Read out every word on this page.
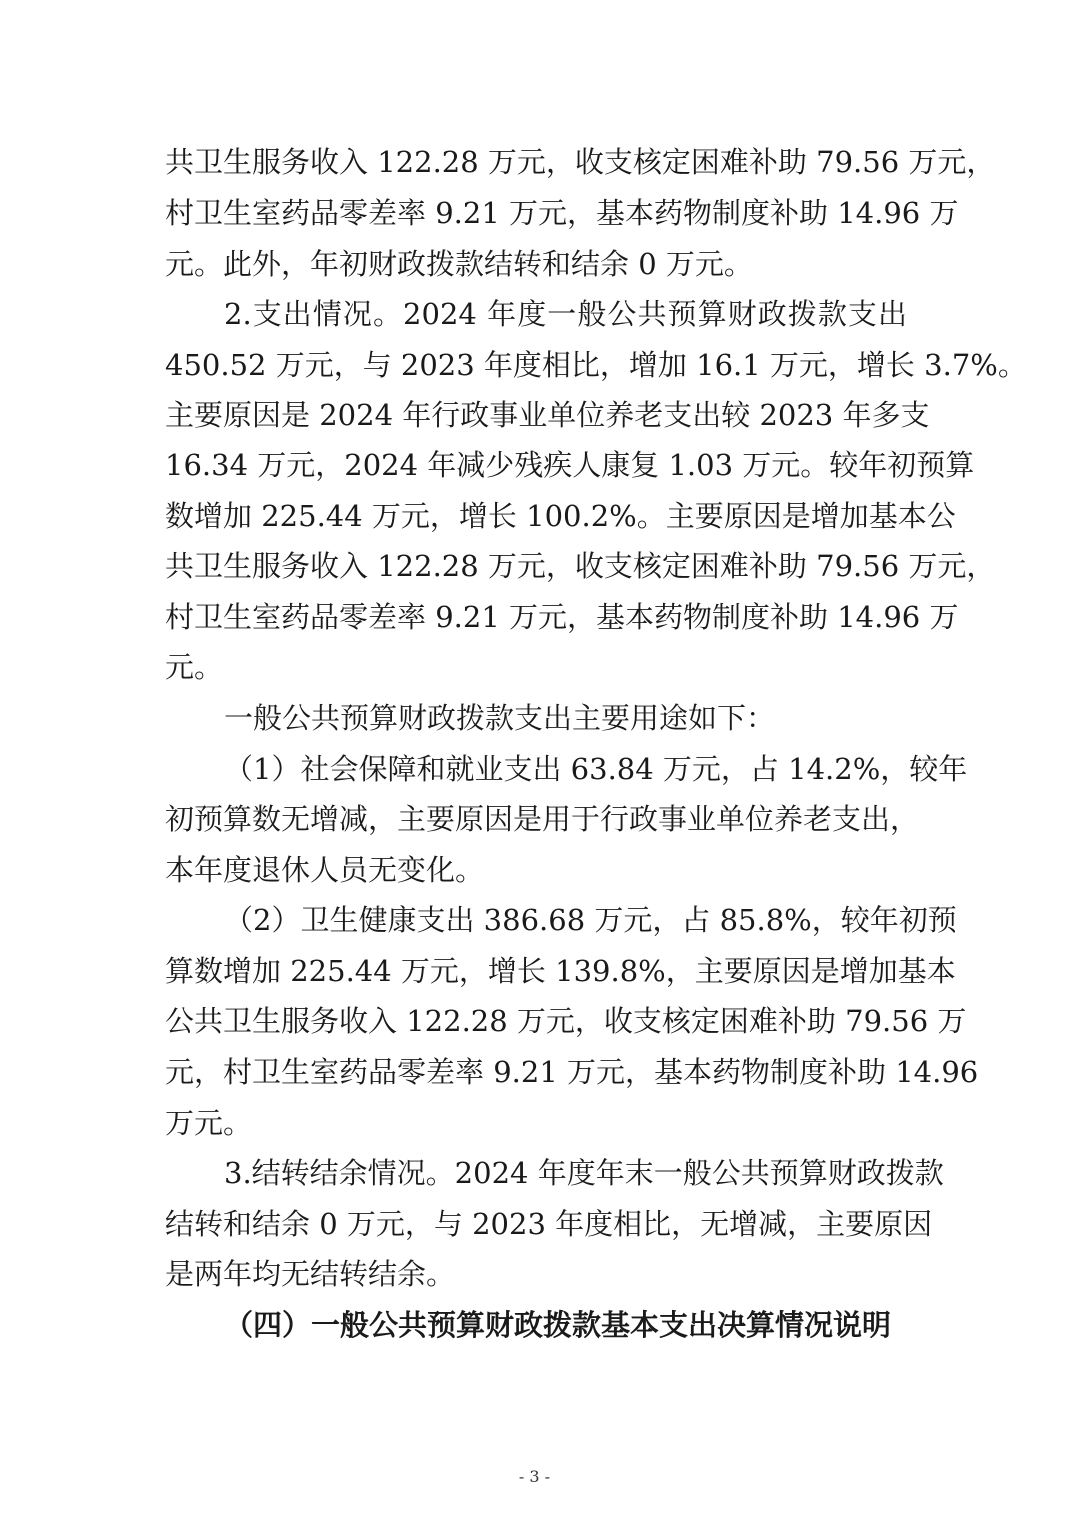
共卫生服务收入 122.28 万元，收支核定困难补助 79.56 万元，
村卫生室药品零差率 9.21 万元，基本药物制度补助 14.96 万
元。此外，年初财政拨款结转和结余 0 万元。
2.支出情况。2024 年度一般公共预算财政拨款支出
450.52 万元，与 2023 年度相比，增加 16.1 万元，增长 3.7%。
主要原因是 2024 年行政事业单位养老支出较 2023 年多支
16.34 万元，2024 年减少残疾人康复 1.03 万元。较年初预算
数增加 225.44 万元，增长 100.2%。主要原因是增加基本公
共卫生服务收入 122.28 万元，收支核定困难补助 79.56 万元，
村卫生室药品零差率 9.21 万元，基本药物制度补助 14.96 万
元。
一般公共预算财政拨款支出主要用途如下：
（1）社会保障和就业支出 63.84 万元，占 14.2%，较年
初预算数无增减，主要原因是用于行政事业单位养老支出，
本年度退休人员无变化。
（2）卫生健康支出 386.68 万元，占 85.8%，较年初预
算数增加 225.44 万元，增长 139.8%，主要原因是增加基本
公共卫生服务收入 122.28 万元，收支核定困难补助 79.56 万
元，村卫生室药品零差率 9.21 万元，基本药物制度补助 14.96
万元。
3.结转结余情况。2024 年度年末一般公共预算财政拨款
结转和结余 0 万元，与 2023 年度相比，无增减，主要原因
是两年均无结转结余。
（四）一般公共预算财政拨款基本支出决算情况说明
- 3 -
